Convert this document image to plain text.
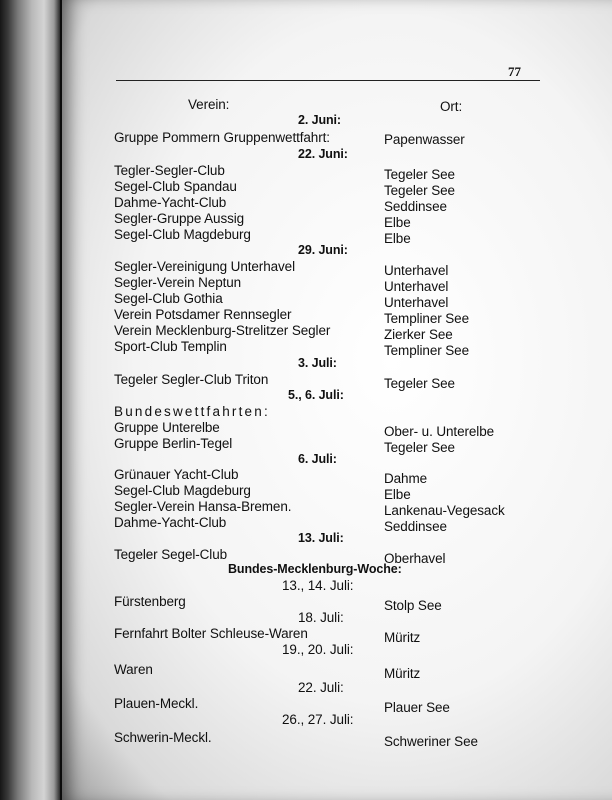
77
Verein:	Ort:
2. Juni:
Gruppe Pommern Gruppenwettfahrt:	Papenwasser
22. Juni:
Tegler-Segler-Club	Tegeler See
Segel-Club Spandau	Tegeler See
Dahme-Yacht-Club	Seddinsee
Segler-Gruppe Aussig	Elbe
Segel-Club Magdeburg	Elbe
29. Juni:
Segler-Vereinigung Unterhavel	Unterhavel
Segler-Verein Neptun	Unterhavel
Segel-Club Gothia	Unterhavel
Verein Potsdamer Rennsegler	Templiner See
Verein Mecklenburg-Strelitzer Segler	Zierker See
Sport-Club Templin	Templiner See
3. Juli:
Tegeler Segler-Club Triton	Tegeler See
5., 6. Juli:
Bundeswettfahrten:
Gruppe Unterelbe	Ober- u. Unterelbe
Gruppe Berlin-Tegel	Tegeler See
6. Juli:
Grünauer Yacht-Club	Dahme
Segel-Club Magdeburg	Elbe
Segler-Verein Hansa-Bremen.	Lankenau-Vegesack
Dahme-Yacht-Club	Seddinsee
13. Juli:
Tegeler Segel-Club	Oberhavel
Bundes-Mecklenburg-Woche:
13., 14. Juli:
Fürstenberg	Stolp See
18. Juli:
Fernfahrt Bolter Schleuse-Waren	Müritz
19., 20. Juli:
Waren	Müritz
22. Juli:
Plauen-Meckl.	Plauer See
26., 27. Juli:
Schwerin-Meckl.	Schweriner See
